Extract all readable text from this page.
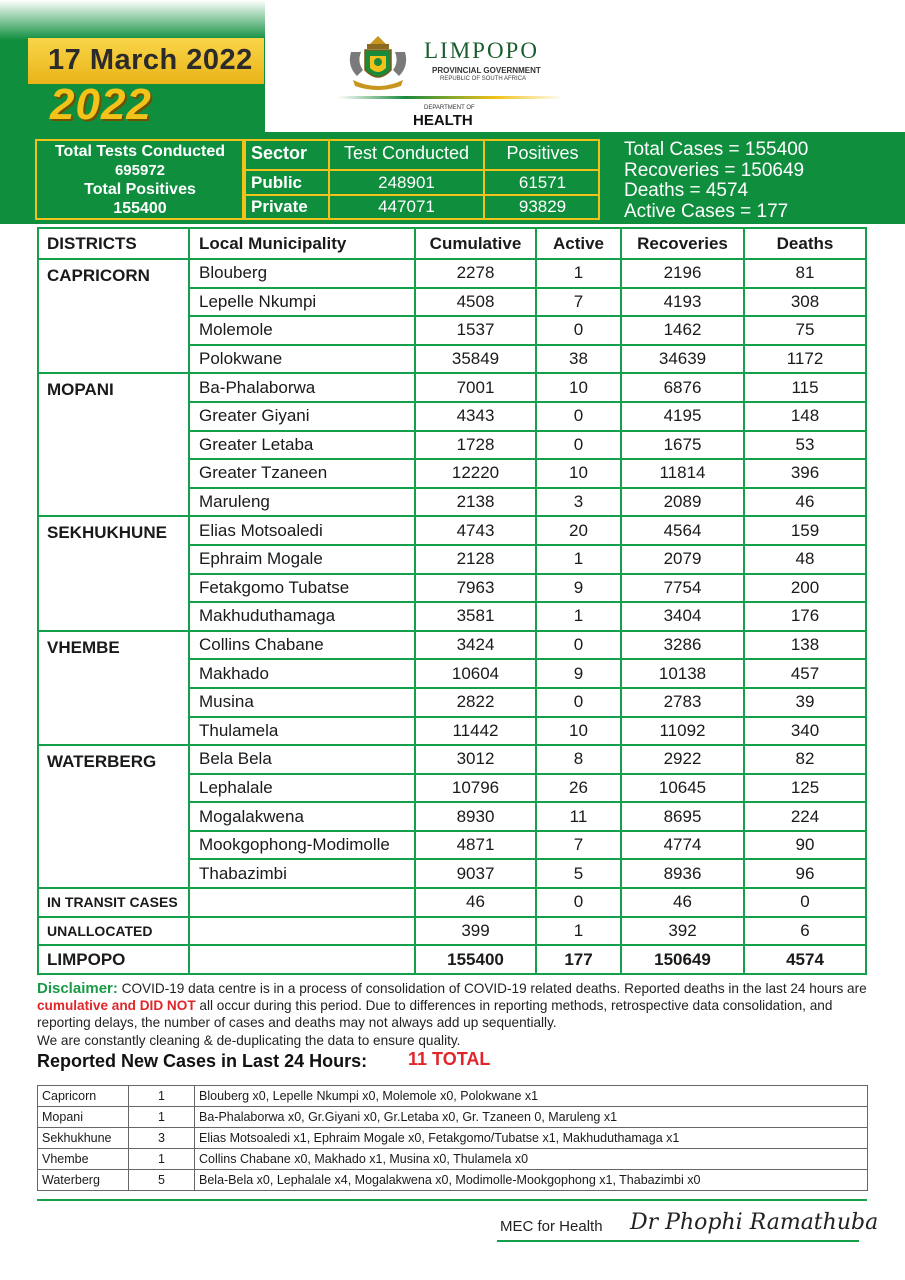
17 March 2022
2022
LIMPOPO
PROVINCIAL GOVERNMENT
REPUBLIC OF SOUTH AFRICA
DEPARTMENT OF
HEALTH
Total Tests Conducted
695972
Total Positives
155400
Sector	Test Conducted	Positives
Public	248901	61571
Private	447071	93829
Total Cases = 155400
Recoveries = 150649
Deaths = 4574
Active Cases = 177
DISTRICTS	Local Municipality	Cumulative	Active	Recoveries	Deaths

CAPRICORN	Blouberg	2278	1	2196	81
	Lepelle Nkumpi	4508	7	4193	308
	Molemole	1537	0	1462	75
	Polokwane	35849	38	34639	1172

MOPANI	Ba-Phalaborwa	7001	10	6876	115
	Greater Giyani	4343	0	4195	148
	Greater Letaba	1728	0	1675	53
	Greater Tzaneen	12220	10	11814	396
	Maruleng	2138	3	2089	46

SEKHUKHUNE	Elias Motsoaledi	4743	20	4564	159
	Ephraim Mogale	2128	1	2079	48
	Fetakgomo Tubatse	7963	9	7754	200
	Makhuduthamaga	3581	1	3404	176

VHEMBE	Collins Chabane	3424	0	3286	138
	Makhado	10604	9	10138	457
	Musina	2822	0	2783	39
	Thulamela	11442	10	11092	340

WATERBERG	Bela Bela	3012	8	2922	82
	Lephalale	10796	26	10645	125
	Mogalakwena	8930	11	8695	224
	Mookgophong-Modimolle	4871	7	4774	90
	Thabazimbi	9037	5	8936	96
IN TRANSIT CASES		46	0	46	0
UNALLOCATED		399	1	392	6
LIMPOPO		155400	177	150649	4574
Disclaimer: COVID-19 data centre is in a process of consolidation of COVID-19 related deaths. Reported deaths in the last 24 hours are cumulative and DID NOT all occur during this period. Due to differences in reporting methods, retrospective data consolidation, and reporting delays, the number of cases and deaths may not always add up sequentially.
We are constantly cleaning & de-duplicating the data to ensure quality.
Reported New Cases in Last 24 Hours: 11 TOTAL
Capricorn	1	Blouberg x0, Lepelle Nkumpi x0, Molemole x0, Polokwane x1
Mopani	1	Ba-Phalaborwa x0, Gr.Giyani x0, Gr.Letaba x0, Gr. Tzaneen 0, Maruleng x1
Sekhukhune	3	Elias Motsoaledi x1, Ephraim Mogale x0, Fetakgomo/Tubatse x1, Makhuduthamaga x1
Vhembe	1	Collins Chabane x0, Makhado x1, Musina x0, Thulamela x0
Waterberg	5	Bela-Bela x0, Lephalale x4, Mogalakwena x0, Modimolle-Mookgophong x1, Thabazimbi x0
MEC for Health Dr Phophi Ramathuba
